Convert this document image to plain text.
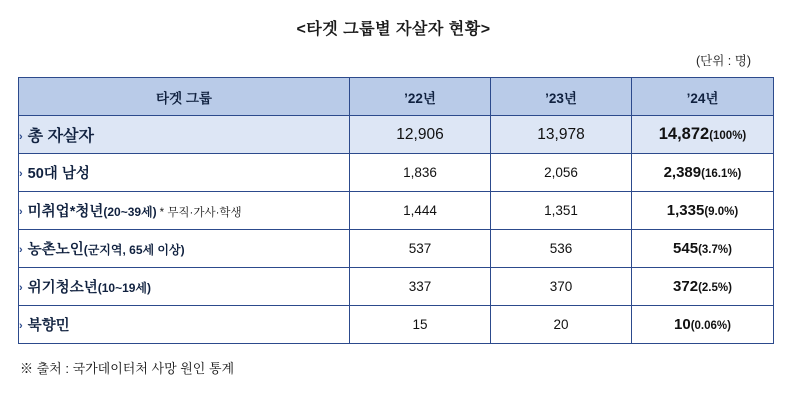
<타겟 그룹별 자살자 현황>
(단위 : 명)
타겟 그룹	’22년	’23년	’24년
› 총 자살자	12,906	13,978	14,872(100%)
› 50대 남성	1,836	2,056	2,389(16.1%)
› 미취업*청년(20~39세) * 무직·가사·학생	1,444	1,351	1,335(9.0%)
› 농촌노인(군지역, 65세 이상)	537	536	545(3.7%)
› 위기청소년(10~19세)	337	370	372(2.5%)
› 북향민	15	20	10(0.06%)
※ 출처 : 국가데이터처 사망 원인 통계
